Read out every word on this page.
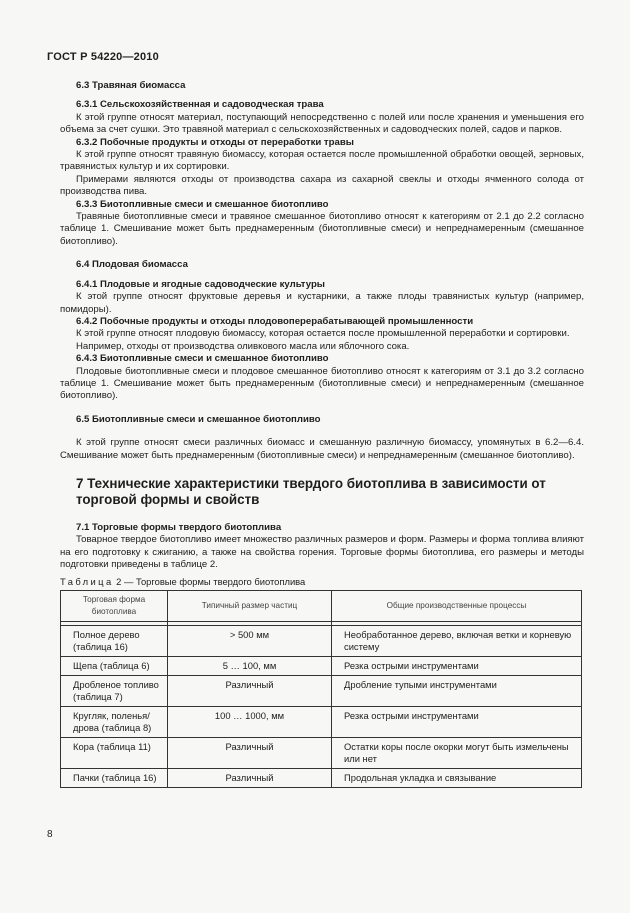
ГОСТ Р 54220—2010
6.3 Травяная биомасса
6.3.1 Сельскохозяйственная и садоводческая трава

К этой группе относят материал, поступающий непосредственно с полей или после хранения и уменьшения его объема за счет сушки. Это травяной материал с сельскохозяйственных и садоводческих полей, садов и парков.

6.3.2 Побочные продукты и отходы от переработки травы

К этой группе относят травяную биомассу, которая остается после промышленной обработки овощей, зерновых, травянистых культур и их сортировки.

Примерами являются отходы от производства сахара из сахарной свеклы и отходы ячменного солода от производства пива.

6.3.3 Биотопливные смеси и смешанное биотопливо

Травяные биотопливные смеси и травяное смешанное биотопливо относят к категориям от 2.1 до 2.2 согласно таблице 1. Смешивание может быть преднамеренным (биотопливные смеси) и непреднамеренным (смешанное биотопливо).

6.4 Плодовая биомасса
6.4.1 Плодовые и ягодные садоводческие культуры

К этой группе относят фруктовые деревья и кустарники, а также плоды травянистых культур (например, помидоры).

6.4.2 Побочные продукты и отходы плодовоперерабатывающей промышленности

К этой группе относят плодовую биомассу, которая остается после промышленной переработки и сортировки.

Например, отходы от производства оливкового масла или яблочного сока.

6.4.3 Биотопливные смеси и смешанное биотопливо

Плодовые биотопливные смеси и плодовое смешанное биотопливо относят к категориям от 3.1 до 3.2 согласно таблице 1. Смешивание может быть преднамеренным (биотопливные смеси) и непреднамеренным (смешанное биотопливо).

6.5 Биотопливные смеси и смешанное биотопливо

К этой группе относят смеси различных биомасс и смешанную различную биомассу, упомянутых в 6.2—6.4. Смешивание может быть преднамеренным (биотопливные смеси) и непреднамеренным (смешанное биотопливо).

7 Технические характеристики твердого биотоплива в зависимости от торговой формы и свойств
7.1 Торговые формы твердого биотоплива

Товарное твердое биотопливо имеет множество различных размеров и форм. Размеры и форма топлива влияют на его подготовку к сжиганию, а также на свойства горения. Торговые формы биотоплива, его размеры и методы подготовки приведены в таблице 2.

Таблица 2 — Торговые формы твердого биотоплива
Торговая форма биотоплива	Типичный размер частиц	Общие производственные процессы

Полное дерево (таблица 16)	> 500 мм	Необработанное дерево, включая ветки и корневую систему
Щепа (таблица 6)	5 … 100, мм	Резка острыми инструментами
Дробленое топливо (таблица 7)	Различный	Дробление тупыми инструментами
Кругляк, поленья/дрова (таблица 8)	100 … 1000, мм	Резка острыми инструментами
Кора (таблица 11)	Различный	Остатки коры после окорки могут быть измельчены или нет
Пачки (таблица 16)	Различный	Продольная укладка и связывание
8
